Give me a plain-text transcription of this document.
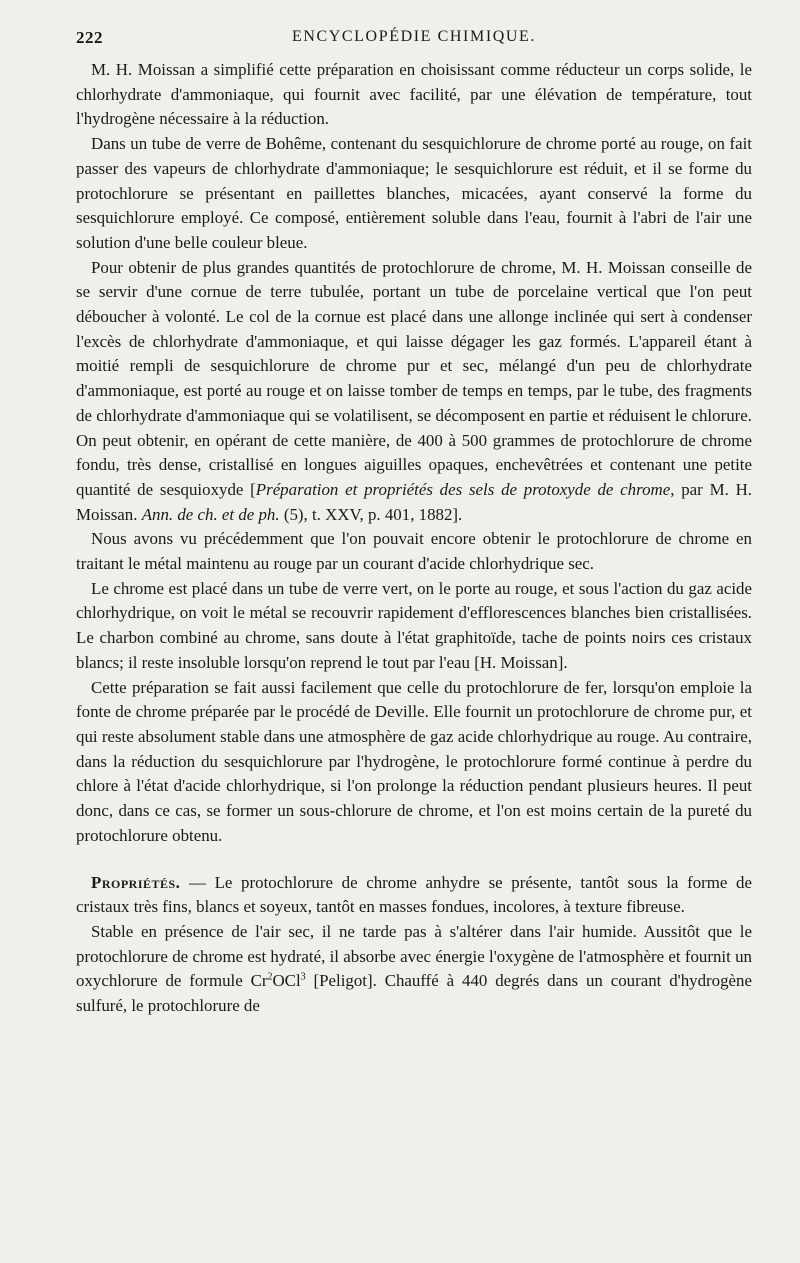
222	ENCYCLOPÉDIE CHIMIQUE.

M. H. Moissan a simplifié cette préparation en choisissant comme réducteur un corps solide, le chlorhydrate d'ammoniaque, qui fournit avec facilité, par une élévation de température, tout l'hydrogène nécessaire à la réduction.

Dans un tube de verre de Bohême, contenant du sesquichlorure de chrome porté au rouge, on fait passer des vapeurs de chlorhydrate d'ammoniaque; le sesquichlorure est réduit, et il se forme du protochlorure se présentant en paillettes blanches, micacées, ayant conservé la forme du sesquichlorure employé. Ce composé, entièrement soluble dans l'eau, fournit à l'abri de l'air une solution d'une belle couleur bleue.

Pour obtenir de plus grandes quantités de protochlorure de chrome, M. H. Moissan conseille de se servir d'une cornue de terre tubulée, portant un tube de porcelaine vertical que l'on peut déboucher à volonté. Le col de la cornue est placé dans une allonge inclinée qui sert à condenser l'excès de chlorhydrate d'ammoniaque, et qui laisse dégager les gaz formés. L'appareil étant à moitié rempli de sesquichlorure de chrome pur et sec, mélangé d'un peu de chlorhydrate d'ammoniaque, est porté au rouge et on laisse tomber de temps en temps, par le tube, des fragments de chlorhydrate d'ammoniaque qui se volatilisent, se décomposent en partie et réduisent le chlorure. On peut obtenir, en opérant de cette manière, de 400 à 500 grammes de protochlorure de chrome fondu, très dense, cristallisé en longues aiguilles opaques, enchevêtrées et contenant une petite quantité de sesquioxyde [Préparation et propriétés des sels de protoxyde de chrome, par M. H. Moissan. Ann. de ch. et de ph. (5), t. XXV, p. 401, 1882].

Nous avons vu précédemment que l'on pouvait encore obtenir le protochlorure de chrome en traitant le métal maintenu au rouge par un courant d'acide chlorhydrique sec.

Le chrome est placé dans un tube de verre vert, on le porte au rouge, et sous l'action du gaz acide chlorhydrique, on voit le métal se recouvrir rapidement d'efflorescences blanches bien cristallisées. Le charbon combiné au chrome, sans doute à l'état graphitoïde, tache de points noirs ces cristaux blancs; il reste insoluble lorsqu'on reprend le tout par l'eau [H. Moissan].

Cette préparation se fait aussi facilement que celle du protochlorure de fer, lorsqu'on emploie la fonte de chrome préparée par le procédé de Deville. Elle fournit un protochlorure de chrome pur, et qui reste absolument stable dans une atmosphère de gaz acide chlorhydrique au rouge. Au contraire, dans la réduction du sesquichlorure par l'hydrogène, le protochlorure formé continue à perdre du chlore à l'état d'acide chlorhydrique, si l'on prolonge la réduction pendant plusieurs heures. Il peut donc, dans ce cas, se former un sous-chlorure de chrome, et l'on est moins certain de la pureté du protochlorure obtenu.

Propriétés. — Le protochlorure de chrome anhydre se présente, tantôt sous la forme de cristaux très fins, blancs et soyeux, tantôt en masses fondues, incolores, à texture fibreuse.

Stable en présence de l'air sec, il ne tarde pas à s'altérer dans l'air humide. Aussitôt que le protochlorure de chrome est hydraté, il absorbe avec énergie l'oxygène de l'atmosphère et fournit un oxychlorure de formule Cr$^2$OCl$^3$ [Peligot]. Chauffé à 440 degrés dans un courant d'hydrogène sulfuré, le protochlorure de
